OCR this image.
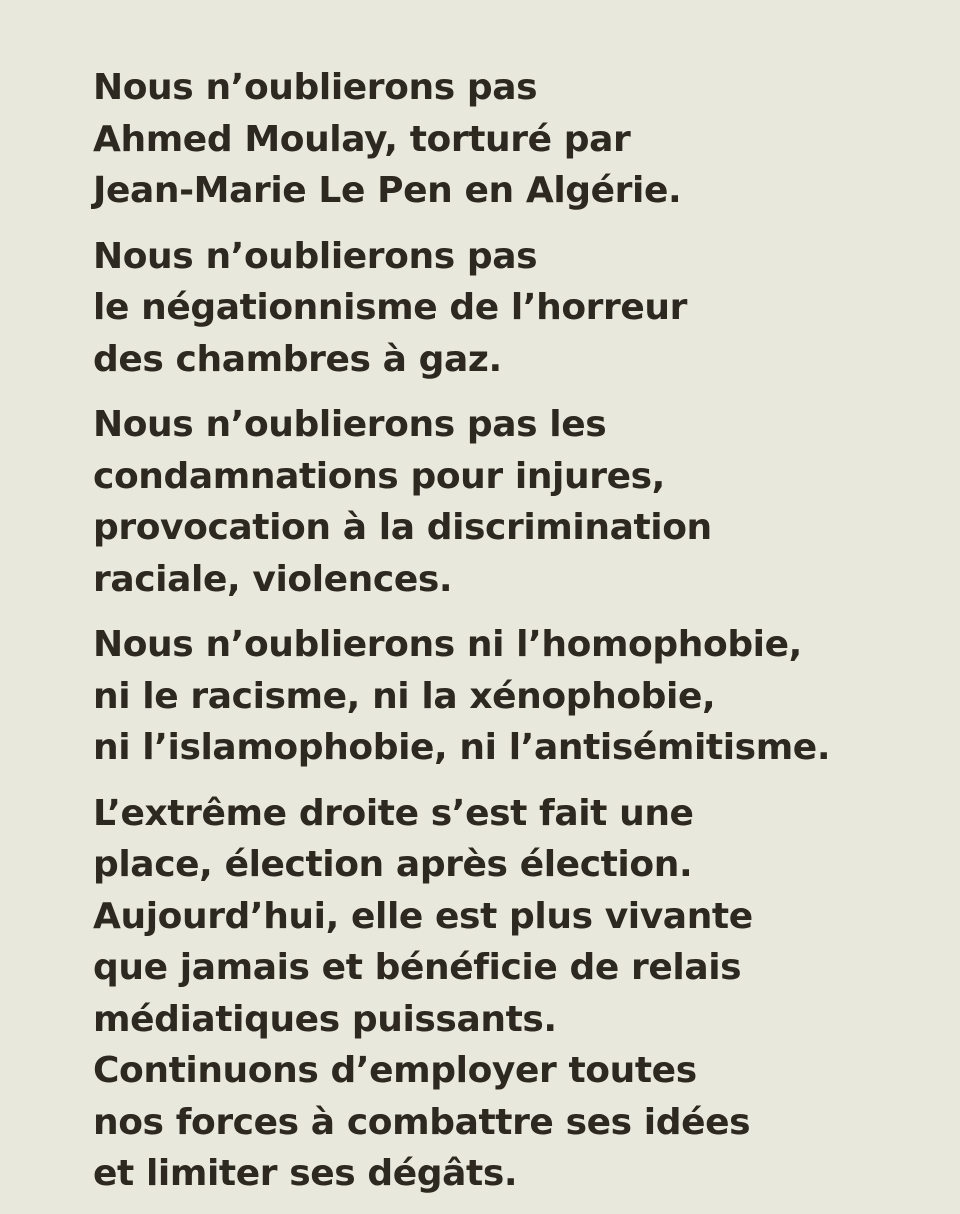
Nous n’oublierons pas
Ahmed Moulay, torturé par
Jean-Marie Le Pen en Algérie.

Nous n’oublierons pas
le négationnisme de l’horreur
des chambres à gaz.

Nous n’oublierons pas les
condamnations pour injures,
provocation à la discrimination
raciale, violences.

Nous n’oublierons ni l’homophobie,
ni le racisme, ni la xénophobie,
ni l’islamophobie, ni l’antisémitisme.

L’extrême droite s’est fait une
place, élection après élection.
Aujourd’hui, elle est plus vivante
que jamais et bénéficie de relais
médiatiques puissants.
Continuons d’employer toutes
nos forces à combattre ses idées
et limiter ses dégâts.
